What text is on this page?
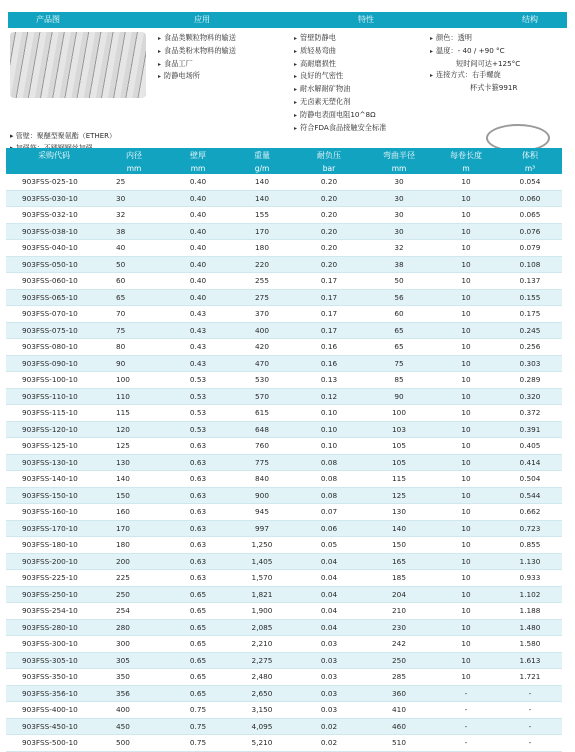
产品图	应用	特性	结构
▸ 管壁：聚醚型聚氨酯（ETHER）
▸ 食品类颗粒物料的输送
▸ 食品类粉末物料的输送
▸ 食品工厂
▸ 防静电场所
▸ 管壁防静电
▸ 质轻易弯曲
▸ 高耐磨损性
▸ 良好的气密性
▸ 耐水解耐矿物油
▸ 无卤素无塑化剂
▸ 防静电表面电阻10^8Ω
▸ 符合FDA食品接触安全标准
▸ 颜色：透明
▸ 温度：- 40 / +90 °C
短时间可达+125°C
▸ 连接方式：右手螺旋
杯式卡箍991R
采购代码	内径	壁厚	重量	耐负压	弯曲半径	每卷长度	体积
	mm	mm	g/m	bar	mm	m	m³
903FSS-025-10	25	0.40	140	0.20	30	10	0.054
903FSS-030-10	30	0.40	140	0.20	30	10	0.060
903FSS-032-10	32	0.40	155	0.20	30	10	0.065
903FSS-038-10	38	0.40	170	0.20	30	10	0.076
903FSS-040-10	40	0.40	180	0.20	32	10	0.079
903FSS-050-10	50	0.40	220	0.20	38	10	0.108
903FSS-060-10	60	0.40	255	0.17	50	10	0.137
903FSS-065-10	65	0.40	275	0.17	56	10	0.155
903FSS-070-10	70	0.43	370	0.17	60	10	0.175
903FSS-075-10	75	0.43	400	0.17	65	10	0.245
903FSS-080-10	80	0.43	420	0.16	65	10	0.256
903FSS-090-10	90	0.43	470	0.16	75	10	0.303
903FSS-100-10	100	0.53	530	0.13	85	10	0.289
903FSS-110-10	110	0.53	570	0.12	90	10	0.320
903FSS-115-10	115	0.53	615	0.10	100	10	0.372
903FSS-120-10	120	0.53	648	0.10	103	10	0.391
903FSS-125-10	125	0.63	760	0.10	105	10	0.405
903FSS-130-10	130	0.63	775	0.08	105	10	0.414
903FSS-140-10	140	0.63	840	0.08	115	10	0.504
903FSS-150-10	150	0.63	900	0.08	125	10	0.544
903FSS-160-10	160	0.63	945	0.07	130	10	0.662
903FSS-170-10	170	0.63	997	0.06	140	10	0.723
903FSS-180-10	180	0.63	1,250	0.05	150	10	0.855
903FSS-200-10	200	0.63	1,405	0.04	165	10	1.130
903FSS-225-10	225	0.63	1,570	0.04	185	10	0.933
903FSS-250-10	250	0.65	1,821	0.04	204	10	1.102
903FSS-254-10	254	0.65	1,900	0.04	210	10	1.188
903FSS-280-10	280	0.65	2,085	0.04	230	10	1.480
903FSS-300-10	300	0.65	2,210	0.03	242	10	1.580
903FSS-305-10	305	0.65	2,275	0.03	250	10	1.613
903FSS-350-10	350	0.65	2,480	0.03	285	10	1.721
903FSS-356-10	356	0.65	2,650	0.03	360	-	-
903FSS-400-10	400	0.75	3,150	0.03	410	-	-
903FSS-450-10	450	0.75	4,095	0.02	460	-	-
903FSS-500-10	500	0.75	5,210	0.02	510	-	-
